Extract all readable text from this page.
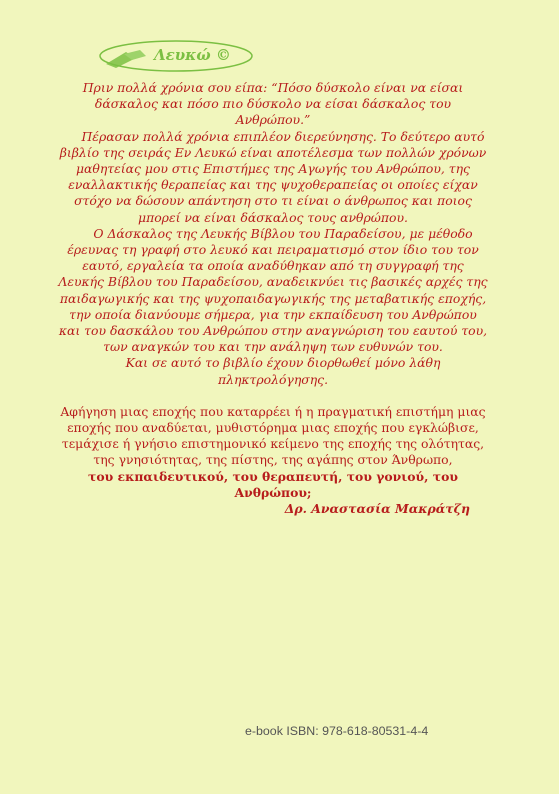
Λευκώ ©

Πριν πολλά χρόνια σου είπα: “Πόσο δύσκολο είναι να είσαι δάσκαλος και πόσο πιο δύσκολο να είσαι δάσκαλος του Ανθρώπου.”

Πέρασαν πολλά χρόνια επιπλέον διερεύνησης. Το δεύτερο αυτό βιβλίο της σειράς Εν Λευκώ είναι αποτέλεσμα των πολλών χρόνων μαθητείας μου στις Επιστήμες της Αγωγής του Ανθρώπου, της εναλλακτικής θεραπείας και της ψυχοθεραπείας οι οποίες είχαν στόχο να δώσουν απάντηση στο τι είναι ο άνθρωπος και ποιος μπορεί να είναι δάσκαλος τους ανθρώπου.

Ο Δάσκαλος της Λευκής Βίβλου του Παραδείσου, με μέθοδο έρευνας τη γραφή στο λευκό και πειραματισμό στον ίδιο του τον εαυτό, εργαλεία τα οποία αναδύθηκαν από τη συγγραφή της Λευκής Βίβλου του Παραδείσου, αναδεικνύει τις βασικές αρχές της παιδαγωγικής και της ψυχοπαιδαγωγικής της μεταβατικής εποχής, την οποία διανύουμε σήμερα, για την εκπαίδευση του Ανθρώπου και του δασκάλου του Ανθρώπου στην αναγνώριση του εαυτού του, των αναγκών του και την ανάληψη των ευθυνών του.

Και σε αυτό το βιβλίο έχουν διορθωθεί μόνο λάθη πληκτρολόγησης.

Αφήγηση μιας εποχής που καταρρέει ή η πραγματική επιστήμη μιας εποχής που αναδύεται, μυθιστόρημα μιας εποχής που εγκλώβισε, τεμάχισε ή γνήσιο επιστημονικό κείμενο της εποχής της ολότητας, της γνησιότητας, της πίστης, της αγάπης στον Άνθρωπο,

του εκπαιδευτικού, του θεραπευτή, του γονιού, του Ανθρώπου;

Δρ. Αναστασία Μακράτζη

e-book ISBN: 978-618-80531-4-4
